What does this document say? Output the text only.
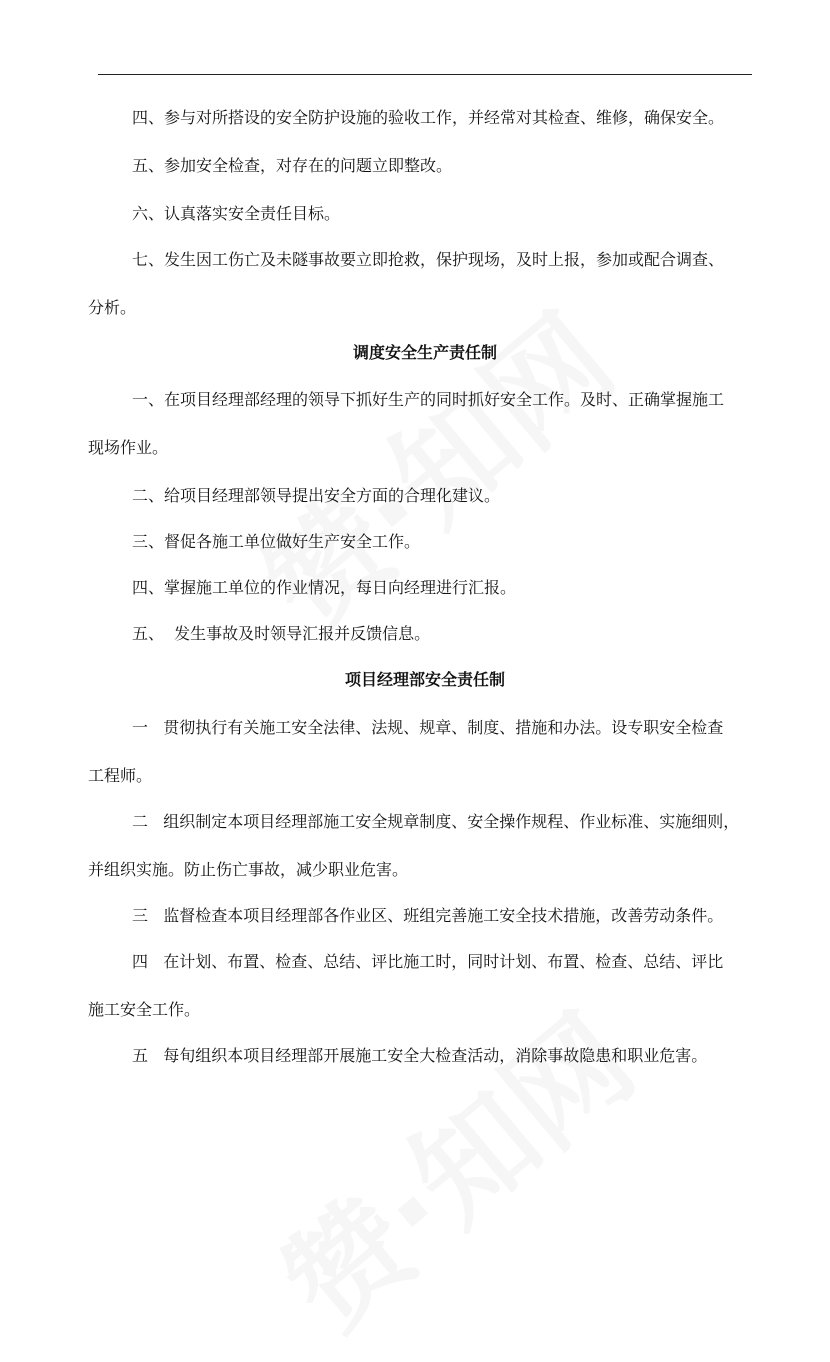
四、参与对所搭设的安全防护设施的验收工作，并经常对其检查、维修，确保安全。
五、参加安全检查，对存在的问题立即整改。
六、认真落实安全责任目标。
七、发生因工伤亡及未隧事故要立即抢救，保护现场，及时上报，参加或配合调查、
分析。
调度安全生产责任制
一、在项目经理部经理的领导下抓好生产的同时抓好安全工作。及时、正确掌握施工
现场作业。
二、给项目经理部领导提出安全方面的合理化建议。
三、督促各施工单位做好生产安全工作。
四、掌握施工单位的作业情况，每日向经理进行汇报。
五、  发生事故及时领导汇报并反馈信息。
项目经理部安全责任制
一   贯彻执行有关施工安全法律、法规、规章、制度、措施和办法。设专职安全检查
工程师。
二   组织制定本项目经理部施工安全规章制度、安全操作规程、作业标准、实施细则，
并组织实施。防止伤亡事故，减少职业危害。
三   监督检查本项目经理部各作业区、班组完善施工安全技术措施，改善劳动条件。
四   在计划、布置、检查、总结、评比施工时，同时计划、布置、检查、总结、评比
施工安全工作。
五   每旬组织本项目经理部开展施工安全大检查活动，消除事故隐患和职业危害。
